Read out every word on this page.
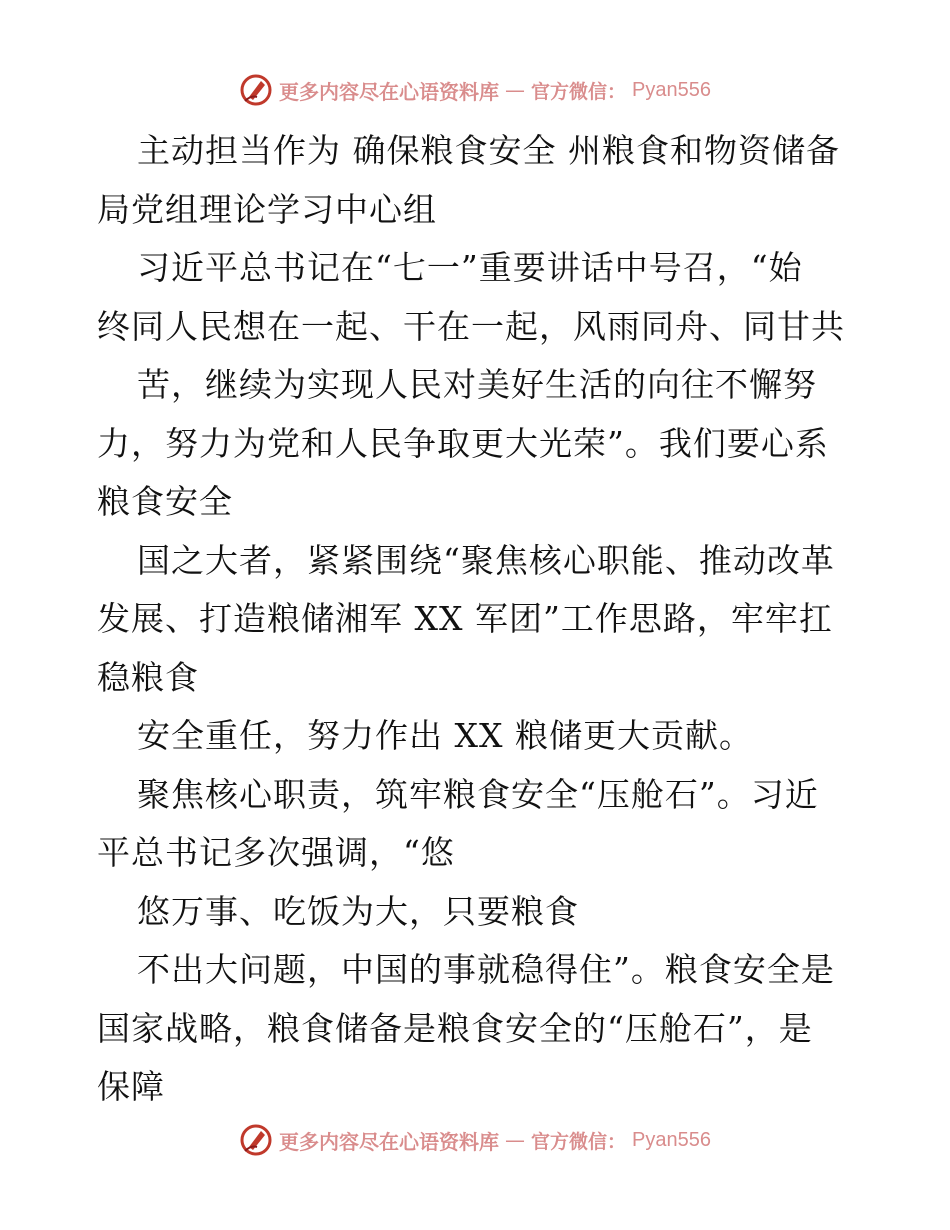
更多内容尽在心语资料库 — 官方微信： Pyan556
主动担当作为 确保粮食安全 州粮食和物资储备
局党组理论学习中心组
习近平总书记在“七一”重要讲话中号召，“始
终同人民想在一起、干在一起，风雨同舟、同甘共
苦，继续为实现人民对美好生活的向往不懈努
力，努力为党和人民争取更大光荣”。我们要心系
粮食安全
国之大者，紧紧围绕“聚焦核心职能、推动改革
发展、打造粮储湘军 XX 军团”工作思路，牢牢扛
稳粮食
安全重任，努力作出 XX 粮储更大贡献。
聚焦核心职责，筑牢粮食安全“压舱石”。习近
平总书记多次强调，“悠
悠万事、吃饭为大，只要粮食
不出大问题，中国的事就稳得住”。粮食安全是
国家战略，粮食储备是粮食安全的“压舱石”，是
保障
更多内容尽在心语资料库 — 官方微信： Pyan556
